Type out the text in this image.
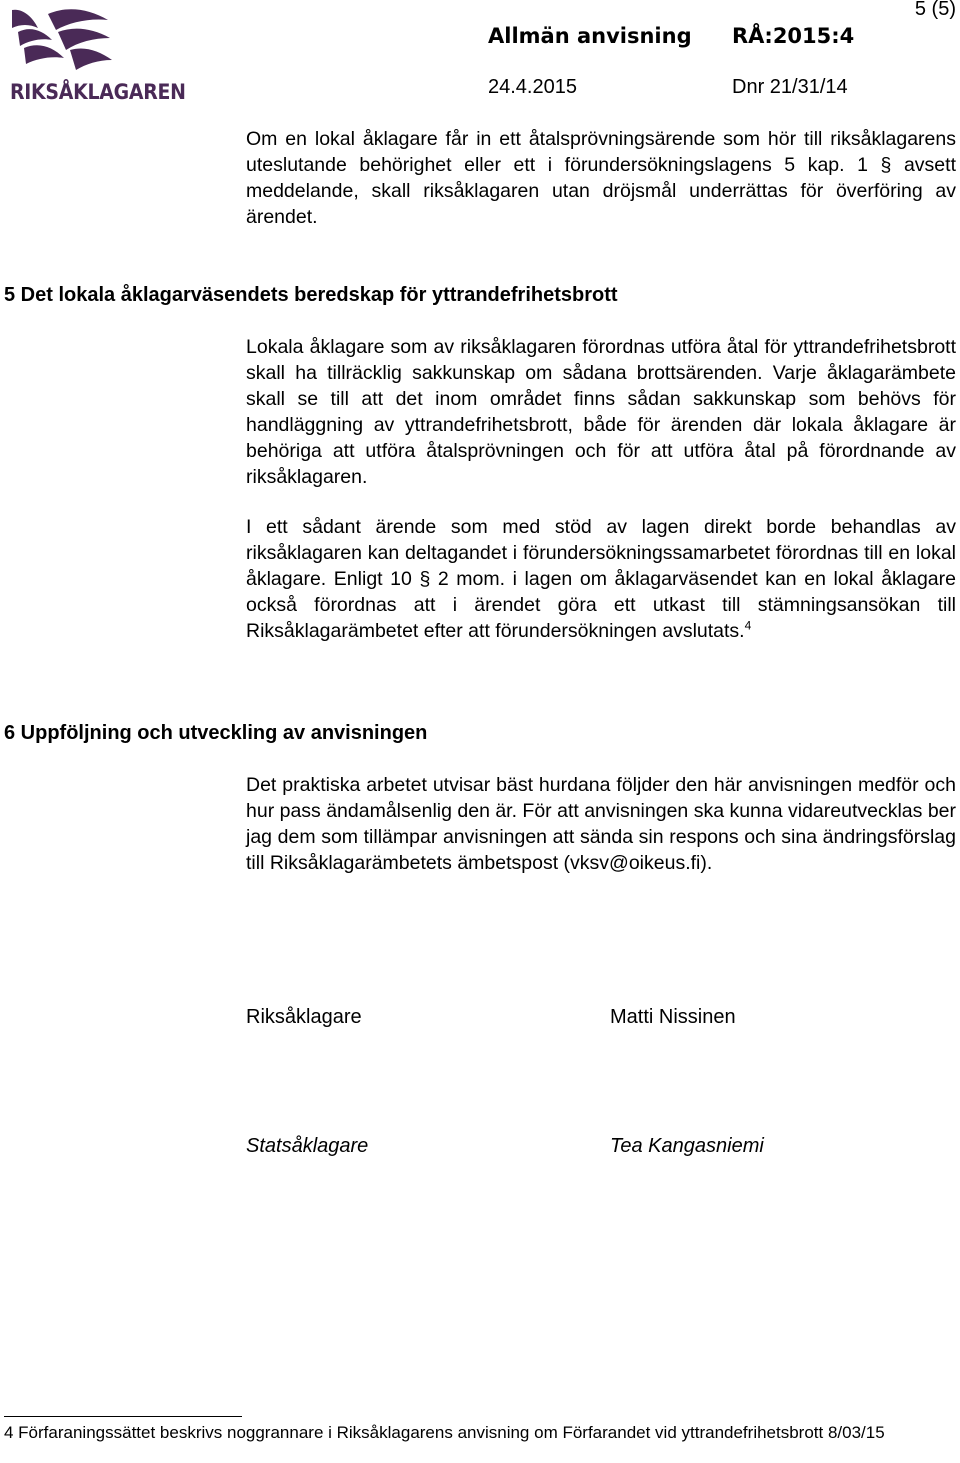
RIKSÅKLAGAREN
5 (5)
Allmän anvisning RÅ:2015:4
24.4.2015	Dnr 21/31/14

Om en lokal åklagare får in ett åtalsprövningsärende som hör till riksåklagarens uteslutande behörighet eller ett i förundersökningslagens 5 kap. 1 § avsett meddelande, skall riksåklagaren utan dröjsmål underrättas för överföring av ärendet.

5 Det lokala åklagarväsendets beredskap för yttrandefrihetsbrott

Lokala åklagare som av riksåklagaren förordnas utföra åtal för yttrandefrihetsbrott skall ha tillräcklig sakkunskap om sådana brottsärenden. Varje åklagarämbete skall se till att det inom området finns sådan sakkunskap som behövs för handläggning av yttrandefrihetsbrott, både för ärenden där lokala åklagare är behöriga att utföra åtalsprövningen och för att utföra åtal på förordnande av riksåklagaren.

I ett sådant ärende som med stöd av lagen direkt borde behandlas av riksåklagaren kan deltagandet i förundersökningssamarbetet förordnas till en lokal åklagare. Enligt 10 § 2 mom. i lagen om åklagarväsendet kan en lokal åklagare också förordnas att i ärendet göra ett utkast till stämningsansökan till Riksåklagarämbetet efter att förundersökningen avslutats.$^4$

6 Uppföljning och utveckling av anvisningen

Det praktiska arbetet utvisar bäst hurdana följder den här anvisningen medför och hur pass ändamålsenlig den är. För att anvisningen ska kunna vidareutvecklas ber jag dem som tillämpar anvisningen att sända sin respons och sina ändringsförslag till Riksåklagarämbetets ämbetspost (vksv@oikeus.fi).

Riksåklagare	Matti Nissinen
Statsåklagare	Tea Kangasniemi
4 Förfaraningssättet beskrivs noggrannare i Riksåklagarens anvisning om Förfarandet vid yttrandefrihetsbrott 8/03/15
